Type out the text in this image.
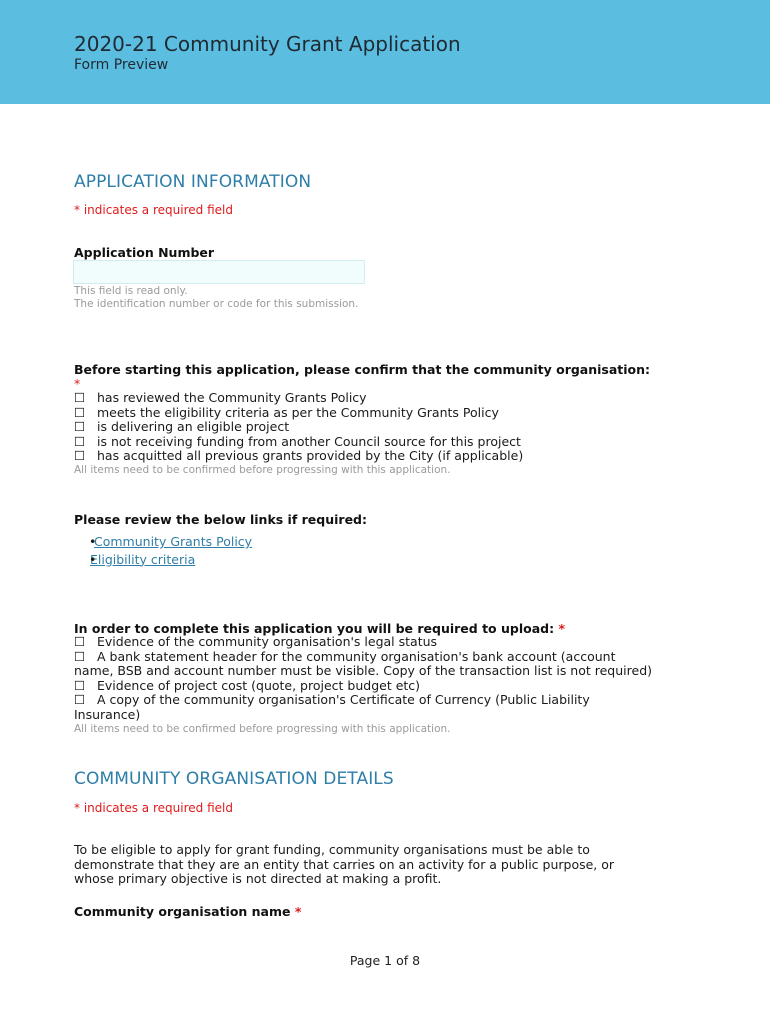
2020-21 Community Grant Application
Form Preview
APPLICATION INFORMATION
* indicates a required field
Application Number
This field is read only.
The identification number or code for this submission.
Before starting this application, please confirm that the community organisation:
*
☐ has reviewed the Community Grants Policy
☐ meets the eligibility criteria as per the Community Grants Policy
☐ is delivering an eligible project
☐ is not receiving funding from another Council source for this project
☐ has acquitted all previous grants provided by the City (if applicable)
All items need to be confirmed before progressing with this application.
Please review the below links if required:
• Community Grants Policy
• Eligibility criteria
In order to complete this application you will be required to upload: *
☐ Evidence of the community organisation's legal status
☐ A bank statement header for the community organisation's bank account (account
name, BSB and account number must be visible. Copy of the transaction list is not required)
☐ Evidence of project cost (quote, project budget etc)
☐ A copy of the community organisation's Certificate of Currency (Public Liability
Insurance)
All items need to be confirmed before progressing with this application.
COMMUNITY ORGANISATION DETAILS
* indicates a required field
To be eligible to apply for grant funding, community organisations must be able to
demonstrate that they are an entity that carries on an activity for a public purpose, or
whose primary objective is not directed at making a profit.
Community organisation name *
Page 1 of 8
